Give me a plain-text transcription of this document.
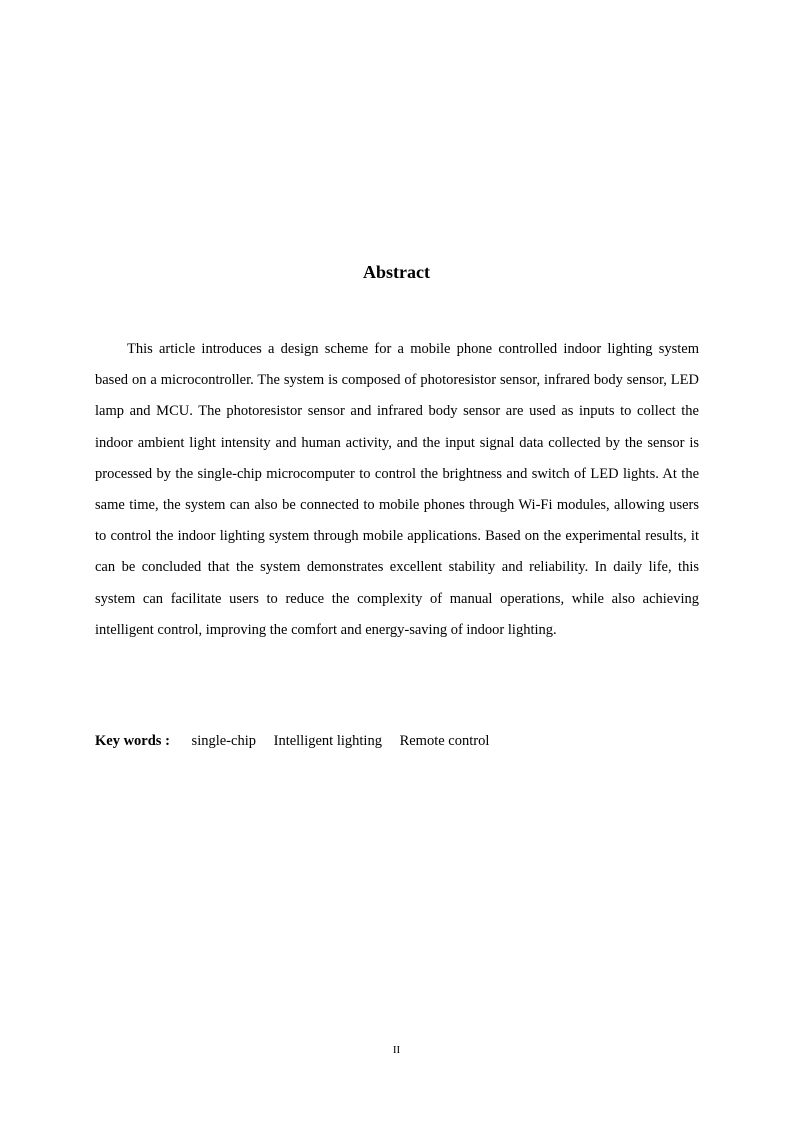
Abstract

This article introduces a design scheme for a mobile phone controlled indoor lighting system based on a microcontroller. The system is composed of photoresistor sensor, infrared body sensor, LED lamp and MCU. The photoresistor sensor and infrared body sensor are used as inputs to collect the indoor ambient light intensity and human activity, and the input signal data collected by the sensor is processed by the single-chip microcomputer to control the brightness and switch of LED lights. At the same time, the system can also be connected to mobile phones through Wi-Fi modules, allowing users to control the indoor lighting system through mobile applications. Based on the experimental results, it can be concluded that the system demonstrates excellent stability and reliability. In daily life, this system can facilitate users to reduce the complexity of manual operations, while also achieving intelligent control, improving the comfort and energy-saving of indoor lighting.

Key words : single-chip Intelligent lighting Remote control
II
